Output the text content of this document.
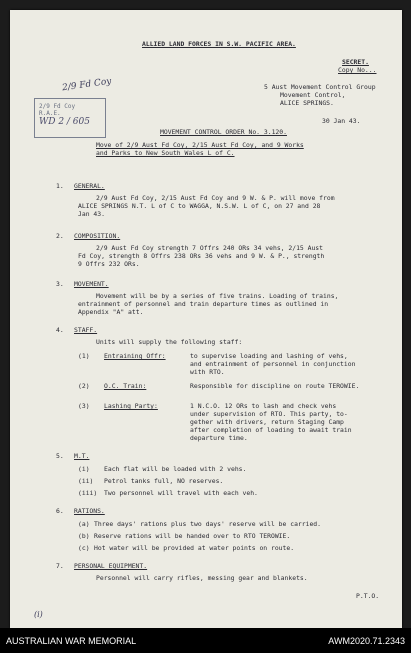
ALLIED LAND FORCES IN S.W. PACIFIC AREA.
SECRET.
Copy No...
2/9 Fd Coy
2/9 Fd Coy R.A.E.
WD 2 / 605
5 Aust Movement Control Group
Movement Control,
ALICE SPRINGS.
30 Jan 43.
MOVEMENT CONTROL ORDER No. 3.120.
Move of 2/9 Aust Fd Coy, 2/15 Aust Fd Coy, and 9 Works
and Parks to New South Wales L of C.
1. GENERAL.
2/9 Aust Fd Coy, 2/15 Aust Fd Coy and 9 W. & P. will move from
ALICE SPRINGS N.T. L of C to WAGGA, N.S.W. L of C, on 27 and 28
Jan 43.
2. COMPOSITION.
2/9 Aust Fd Coy strength 7 Offrs 240 ORs 34 vehs, 2/15 Aust
Fd Coy, strength 8 Offrs 238 ORs 36 vehs and 9 W. & P., strength
9 Offrs 232 ORs.
3. MOVEMENT.
Movement will be by a series of five trains. Loading of trains,
entrainment of personnel and train departure times as outlined in
Appendix "A" att.
4. STAFF.
Units will supply the following staff:
(1) Entraining Offr:	to supervise loading and lashing of vehs,
and entrainment of personnel in conjunction
with RTO.
(2) O.C. Train:	Responsible for discipline on route TEROWIE.
(3) Lashing Party:	1 N.C.O. 12 ORs to lash and check vehs
under supervision of RTO. This party, to-
gether with drivers, return Staging Camp
after completion of loading to await train
departure time.
5. M.T.
(i) Each flat will be loaded with 2 vehs.
(ii) Petrol tanks full, NO reserves.
(iii) Two personnel will travel with each veh.
6. RATIONS.
(a) Three days' rations plus two days' reserve will be carried.
(b) Reserve rations will be handed over to RTO TEROWIE.
(c) Hot water will be provided at water points on route.
7. PERSONAL EQUIPMENT.
Personnel will carry rifles, messing gear and blankets.
P.T.O.
(i)
AUSTRALIAN WAR MEMORIAL	AWM2020.71.2343
